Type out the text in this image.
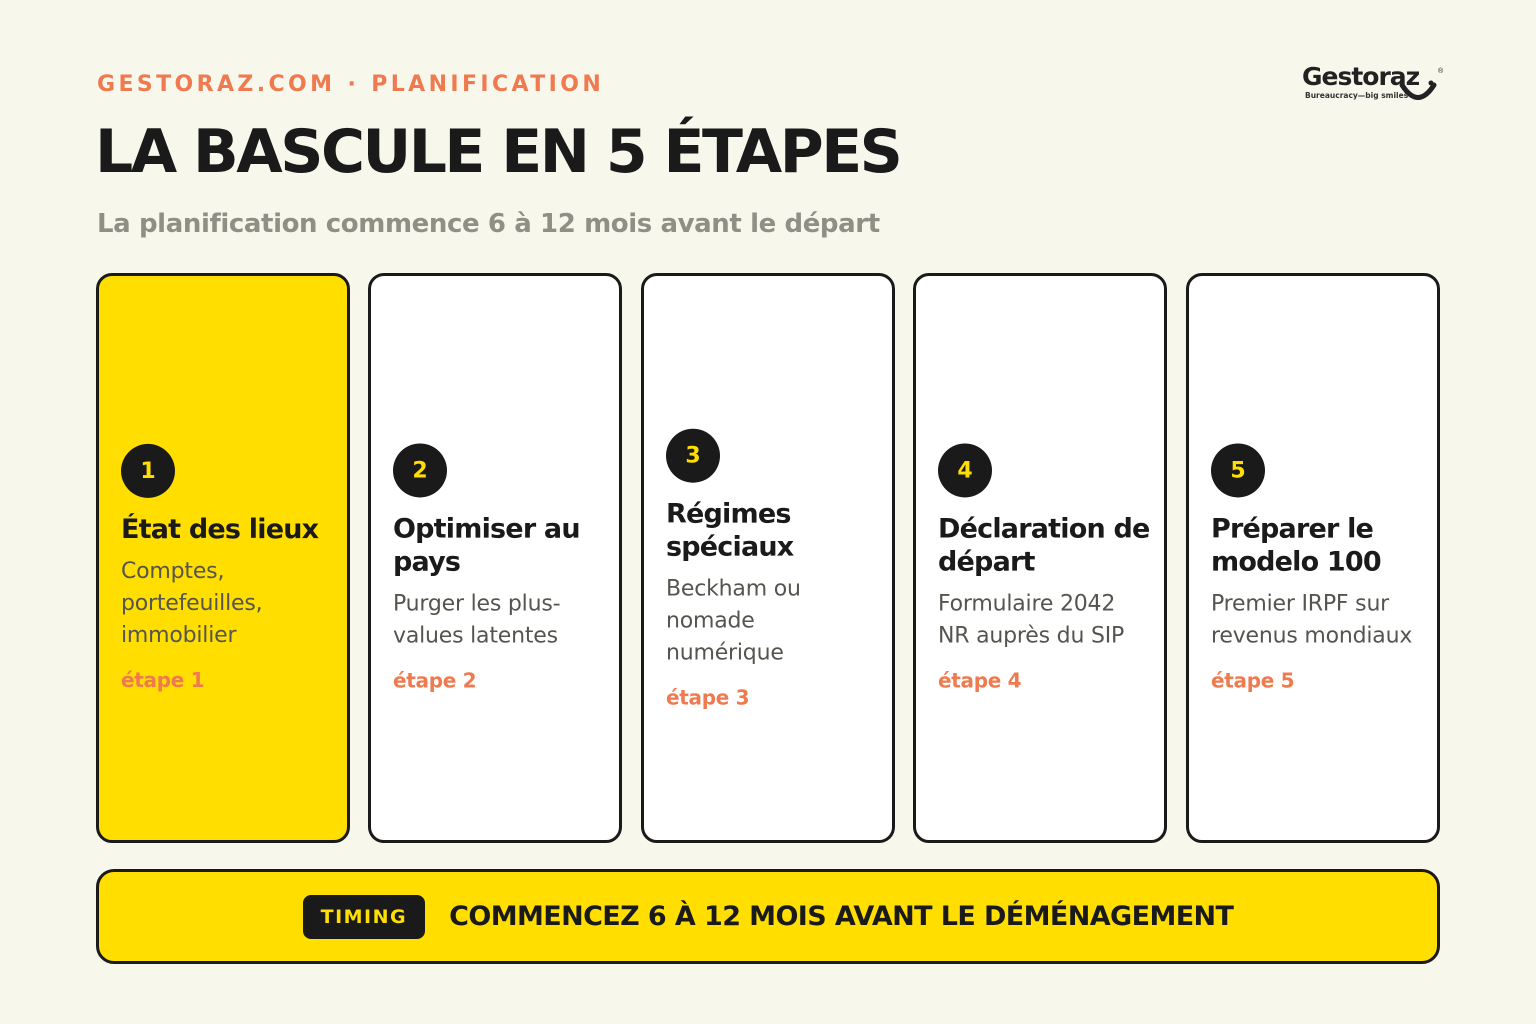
GESTORAZ.COM · PLANIFICATION
LA BASCULE EN 5 ÉTAPES
La planification commence 6 à 12 mois avant le départ
Gestoraz	®
Bureaucracy—big smiles
1
État des lieux
Comptes, portefeuilles, immobilier
étape 1
2
Optimiser au pays
Purger les plus-values latentes
étape 2
3
Régimes spéciaux
Beckham ou nomade numérique
étape 3
4
Déclaration de départ
Formulaire 2042 NR auprès du SIP
étape 4
5
Préparer le modelo 100
Premier IRPF sur revenus mondiaux
étape 5
TIMING	COMMENCEZ 6 À 12 MOIS AVANT LE DÉMÉNAGEMENT
